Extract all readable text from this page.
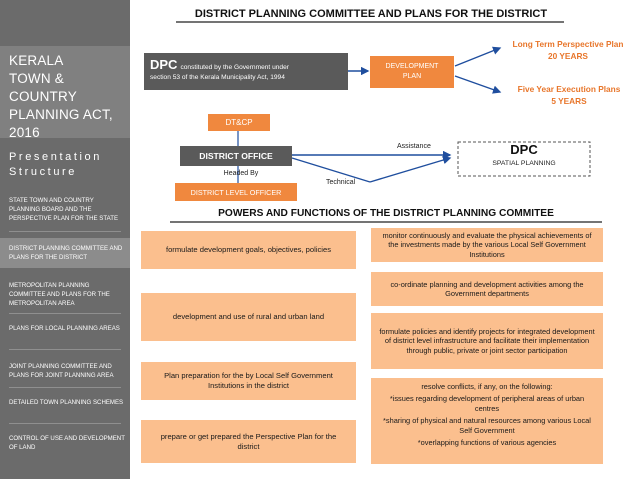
KERALA
TOWN &
COUNTRY
PLANNING ACT,
2016
Presentation
Structure
STATE TOWN AND COUNTRY PLANNING BOARD AND THE PERSPECTIVE PLAN FOR THE STATE
DISTRICT PLANNING COMMITTEE AND PLANS FOR THE DISTRICT
METROPOLITAN PLANNING COMMITTEE AND PLANS FOR THE METROPOLITAN AREA
PLANS FOR LOCAL PLANNING AREAS
JOINT PLANNING COMMITTEE AND PLANS FOR JOINT PLANNING AREA
DETAILED TOWN PLANNING SCHEMES
CONTROL OF USE AND DEVELOPMENT OF LAND
DISTRICT PLANNING COMMITTEE AND PLANS FOR THE DISTRICT
DPC constituted by the Government under
section 53 of the Kerala Municipality Act, 1994
DEVELOPMENT
PLAN
Long Term Perspective Plan
20 YEARS
Five Year Execution Plans
5 YEARS
DT&CP
DISTRICT OFFICE
Headed By
DISTRICT LEVEL OFFICER
Assistance
Technical
DPC
SPATIAL PLANNING
POWERS AND FUNCTIONS OF THE DISTRICT PLANNING COMMITEE
formulate development goals, objectives, policies
development and use of rural and urban land
Plan preparation for the by Local Self Government Institutions in the district
prepare or get prepared the Perspective Plan for the district
monitor continuously and evaluate the physical achievements of the investments made by the various Local Self Government Institutions
co-ordinate planning and development activities among the Government departments
formulate policies and identify projects for integrated development of district level infrastructure and facilitate their implementation through public, private or joint sector participation
resolve conflicts, if any, on the following:
*issues regarding development of peripheral areas of urban centres
*sharing of physical and natural resources among various Local Self Government
*overlapping functions of various agencies
